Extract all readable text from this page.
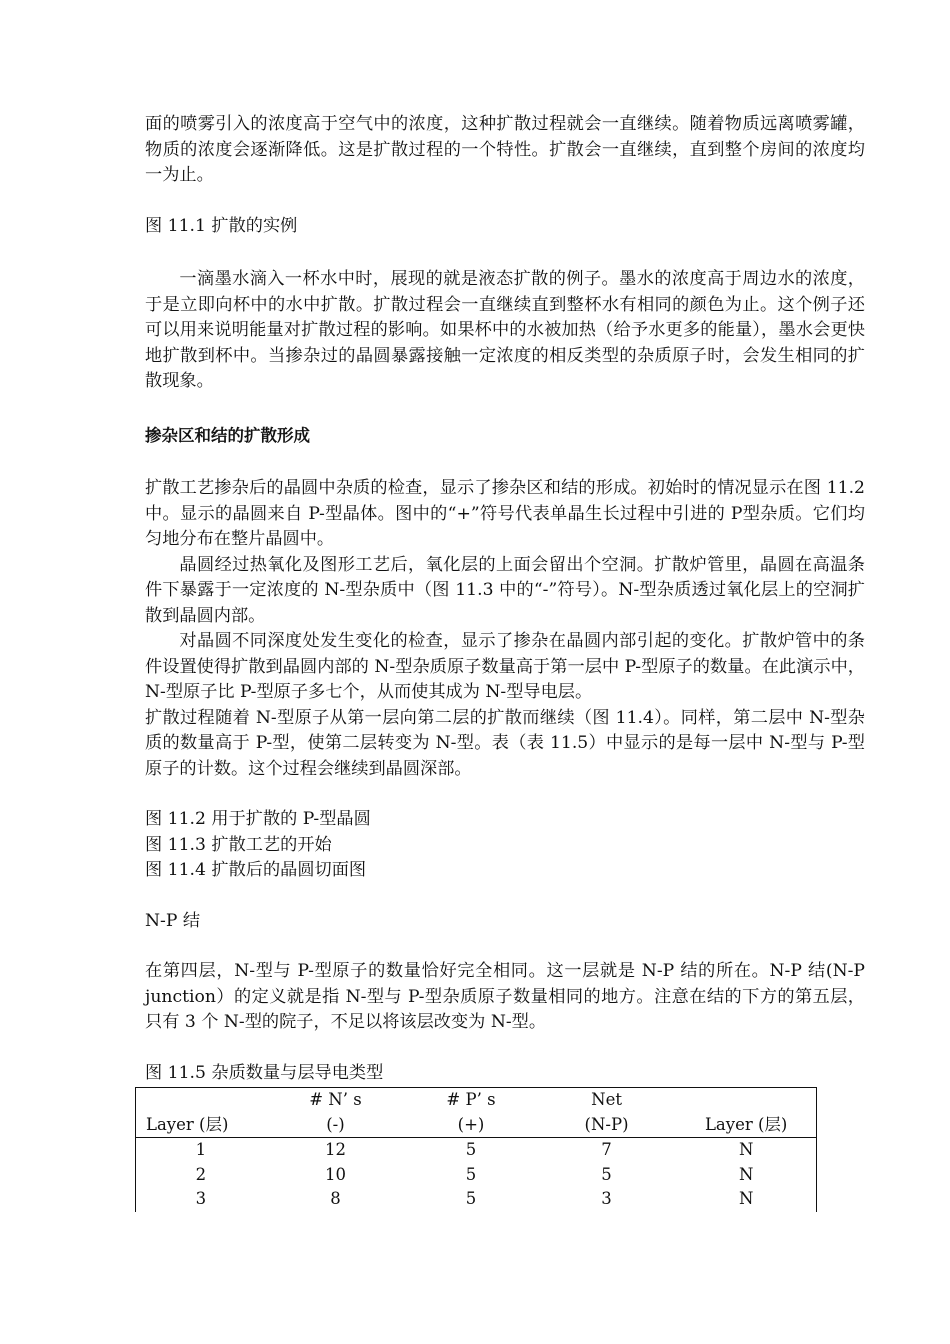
面的喷雾引入的浓度高于空气中的浓度，这种扩散过程就会一直继续。随着物质远离喷雾罐，物质的浓度会逐渐降低。这是扩散过程的一个特性。扩散会一直继续，直到整个房间的浓度均一为止。

图 11.1 扩散的实例

一滴墨水滴入一杯水中时，展现的就是液态扩散的例子。墨水的浓度高于周边水的浓度，于是立即向杯中的水中扩散。扩散过程会一直继续直到整杯水有相同的颜色为止。这个例子还可以用来说明能量对扩散过程的影响。如果杯中的水被加热（给予水更多的能量），墨水会更快地扩散到杯中。当掺杂过的晶圆暴露接触一定浓度的相反类型的杂质原子时，会发生相同的扩散现象。

掺杂区和结的扩散形成

扩散工艺掺杂后的晶圆中杂质的检查，显示了掺杂区和结的形成。初始时的情况显示在图 11.2 中。显示的晶圆来自 P-型晶体。图中的“+”符号代表单晶生长过程中引进的 P型杂质。它们均匀地分布在整片晶圆中。

晶圆经过热氧化及图形工艺后，氧化层的上面会留出个空洞。扩散炉管里，晶圆在高温条件下暴露于一定浓度的 N-型杂质中（图 11.3 中的“-”符号）。N-型杂质透过氧化层上的空洞扩散到晶圆内部。

对晶圆不同深度处发生变化的检查，显示了掺杂在晶圆内部引起的变化。扩散炉管中的条件设置使得扩散到晶圆内部的 N-型杂质原子数量高于第一层中 P-型原子的数量。在此演示中，N-型原子比 P-型原子多七个，从而使其成为 N-型导电层。

扩散过程随着 N-型原子从第一层向第二层的扩散而继续（图 11.4）。同样，第二层中 N-型杂质的数量高于 P-型，使第二层转变为 N-型。表（表 11.5）中显示的是每一层中 N-型与 P-型原子的计数。这个过程会继续到晶圆深部。

图 11.2 用于扩散的 P-型晶圆

图 11.3 扩散工艺的开始

图 11.4 扩散后的晶圆切面图

N-P 结

在第四层，N-型与 P-型原子的数量恰好完全相同。这一层就是 N-P 结的所在。N-P 结(N-P junction）的定义就是指 N-型与 P-型杂质原子数量相同的地方。注意在结的下方的第五层，只有 3 个 N-型的院子，不足以将该层改变为 N-型。

图 11.5 杂质数量与层导电类型

	# N’ s	# P’ s	Net	
Layer (层)	(-)	(+)	(N-P)	Layer (层)
1	12	5	7	N
2	10	5	5	N
3	8	5	3	N
